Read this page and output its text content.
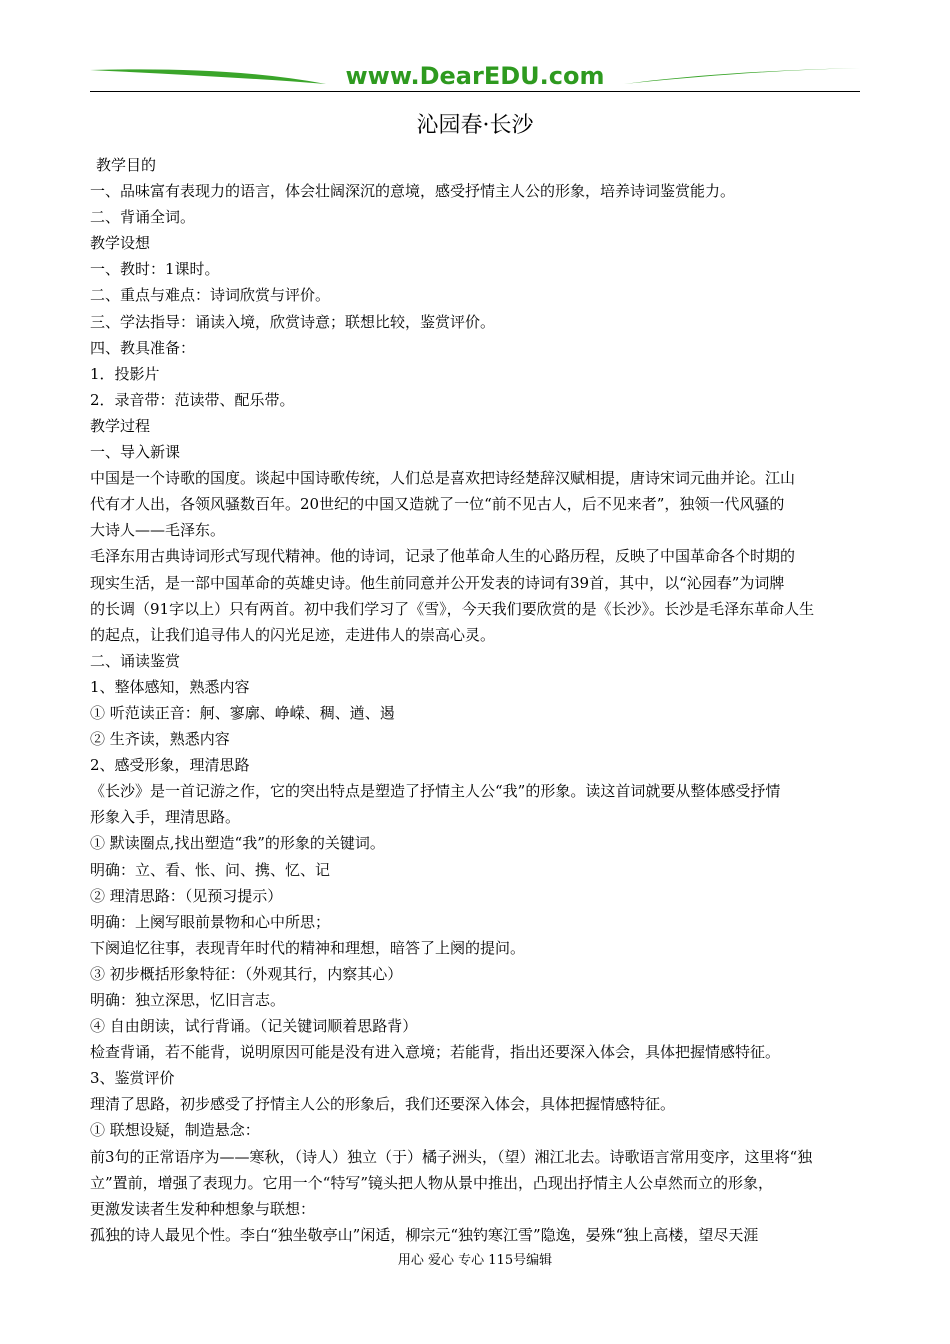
www.DearEDU.com
沁园春·长沙
教学目的
一、品味富有表现力的语言，体会壮阔深沉的意境，感受抒情主人公的形象，培养诗词鉴赏能力。
二、背诵全词。
教学设想
一、教时：1课时。
二、重点与难点：诗词欣赏与评价。
三、学法指导：诵读入境，欣赏诗意；联想比较，鉴赏评价。
四、教具准备：
1．投影片
2．录音带：范读带、配乐带。
教学过程
一、导入新课
中国是一个诗歌的国度。谈起中国诗歌传统，人们总是喜欢把诗经楚辞汉赋相提，唐诗宋词元曲并论。江山
代有才人出，各领风骚数百年。20世纪的中国又造就了一位“前不见古人，后不见来者”，独领一代风骚的
大诗人——毛泽东。
毛泽东用古典诗词形式写现代精神。他的诗词，记录了他革命人生的心路历程，反映了中国革命各个时期的
现实生活，是一部中国革命的英雄史诗。他生前同意并公开发表的诗词有39首，其中，以“沁园春”为词牌
的长调（91字以上）只有两首。初中我们学习了《雪》，今天我们要欣赏的是《长沙》。长沙是毛泽东革命人生
的起点，让我们追寻伟人的闪光足迹，走进伟人的崇高心灵。
二、诵读鉴赏
1、整体感知，熟悉内容
① 听范读正音：舸、寥廓、峥嵘、稠、遒、遏
② 生齐读，熟悉内容
2、感受形象，理清思路
《长沙》是一首记游之作，它的突出特点是塑造了抒情主人公“我”的形象。读这首词就要从整体感受抒情
形象入手，理清思路。
① 默读圈点,找出塑造“我”的形象的关键词。
明确：立、看、怅、问、携、忆、记
② 理清思路：（见预习提示）
明确：上阕写眼前景物和心中所思；
下阕追忆往事，表现青年时代的精神和理想，暗答了上阕的提问。
③ 初步概括形象特征：（外观其行，内察其心）
明确：独立深思，忆旧言志。
④ 自由朗读，试行背诵。（记关键词顺着思路背）
检查背诵，若不能背，说明原因可能是没有进入意境；若能背，指出还要深入体会，具体把握情感特征。
3、鉴赏评价
理清了思路，初步感受了抒情主人公的形象后，我们还要深入体会，具体把握情感特征。
① 联想设疑，制造悬念：
前3句的正常语序为——寒秋，（诗人）独立（于）橘子洲头，（望）湘江北去。诗歌语言常用变序，这里将“独
立”置前，增强了表现力。它用一个“特写”镜头把人物从景中推出，凸现出抒情主人公卓然而立的形象，
更激发读者生发种种想象与联想：
孤独的诗人最见个性。李白“独坐敬亭山”闲适，柳宗元“独钓寒江雪”隐逸，晏殊“独上高楼，望尽天涯
用心 爱心 专心 115号编辑
